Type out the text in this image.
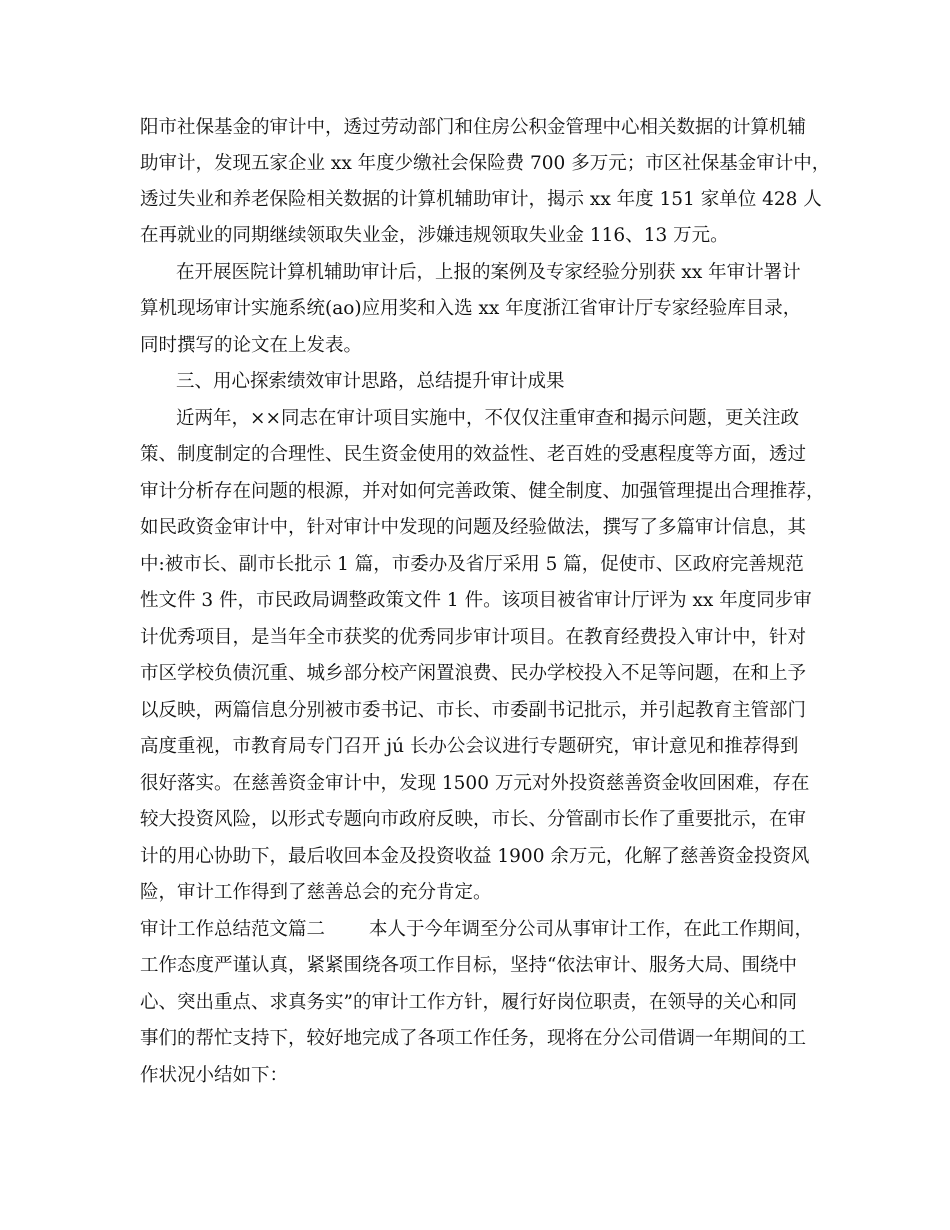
阳市社保基金的审计中，透过劳动部门和住房公积金管理中心相关数据的计算机辅
助审计，发现五家企业 xx 年度少缴社会保险费 700 多万元；市区社保基金审计中，
透过失业和养老保险相关数据的计算机辅助审计，揭示 xx 年度 151 家单位 428 人
在再就业的同期继续领取失业金，涉嫌违规领取失业金 116、13 万元。
在开展医院计算机辅助审计后，上报的案例及专家经验分别获 xx 年审计署计
算机现场审计实施系统(ao)应用奖和入选 xx 年度浙江省审计厅专家经验库目录，
同时撰写的论文在上发表。
三、用心探索绩效审计思路，总结提升审计成果
近两年，××同志在审计项目实施中，不仅仅注重审查和揭示问题，更关注政
策、制度制定的合理性、民生资金使用的效益性、老百姓的受惠程度等方面，透过
审计分析存在问题的根源，并对如何完善政策、健全制度、加强管理提出合理推荐，
如民政资金审计中，针对审计中发现的问题及经验做法，撰写了多篇审计信息，其
中:被市长、副市长批示 1 篇，市委办及省厅采用 5 篇，促使市、区政府完善规范
性文件 3 件，市民政局调整政策文件 1 件。该项目被省审计厅评为 xx 年度同步审
计优秀项目，是当年全市获奖的优秀同步审计项目。在教育经费投入审计中，针对
市区学校负债沉重、城乡部分校产闲置浪费、民办学校投入不足等问题，在和上予
以反映，两篇信息分别被市委书记、市长、市委副书记批示，并引起教育主管部门
高度重视，市教育局专门召开 jú 长办公会议进行专题研究，审计意见和推荐得到
很好落实。在慈善资金审计中，发现 1500 万元对外投资慈善资金收回困难，存在
较大投资风险，以形式专题向市政府反映，市长、分管副市长作了重要批示，在审
计的用心协助下，最后收回本金及投资收益 1900 余万元，化解了慈善资金投资风
险，审计工作得到了慈善总会的充分肯定。
审计工作总结范文篇二 本人于今年调至分公司从事审计工作，在此工作期间，
工作态度严谨认真，紧紧围绕各项工作目标，坚持“依法审计、服务大局、围绕中
心、突出重点、求真务实”的审计工作方针，履行好岗位职责，在领导的关心和同
事们的帮忙支持下，较好地完成了各项工作任务，现将在分公司借调一年期间的工
作状况小结如下：
